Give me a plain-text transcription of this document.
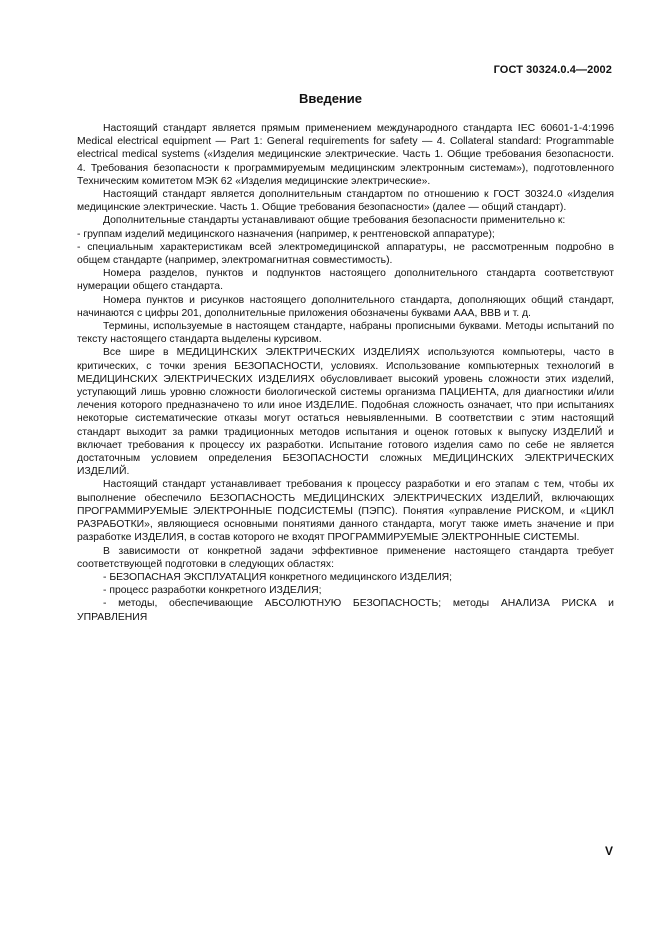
ГОСТ 30324.0.4—2002
Введение

Настоящий стандарт является прямым применением международного стандарта IEC 60601-1-4:1996 Medical electrical equipment — Part 1: General requirements for safety — 4. Collateral standard: Programmable electrical medical systems («Изделия медицинские электрические. Часть 1. Общие требования безопасности. 4. Требования безопасности к программируемым медицинским электронным системам»), подготовленного Техническим комитетом МЭК 62 «Изделия медицинские электрические».

Настоящий стандарт является дополнительным стандартом по отношению к ГОСТ 30324.0 «Изделия медицинские электрические. Часть 1. Общие требования безопасности» (далее — общий стандарт).

Дополнительные стандарты устанавливают общие требования безопасности применительно к:

- группам изделий медицинского назначения (например, к рентгеновской аппаратуре);

- специальным характеристикам всей электромедицинской аппаратуры, не рассмотренным подробно в общем стандарте (например, электромагнитная совместимость).

Номера разделов, пунктов и подпунктов настоящего дополнительного стандарта соответствуют нумерации общего стандарта.

Номера пунктов и рисунков настоящего дополнительного стандарта, дополняющих общий стандарт, начинаются с цифры 201, дополнительные приложения обозначены буквами ААА, ВВВ и т. д.

Термины, используемые в настоящем стандарте, набраны прописными буквами. Методы испытаний по тексту настоящего стандарта выделены курсивом.

Все шире в МЕДИЦИНСКИХ ЭЛЕКТРИЧЕСКИХ ИЗДЕЛИЯХ используются компьютеры, часто в критических, с точки зрения БЕЗОПАСНОСТИ, условиях. Использование компьютерных технологий в МЕДИЦИНСКИХ ЭЛЕКТРИЧЕСКИХ ИЗДЕЛИЯХ обусловливает высокий уровень сложности этих изделий, уступающий лишь уровню сложности биологической системы организма ПАЦИЕНТА, для диагностики и/или лечения которого предназначено то или иное ИЗДЕЛИЕ. Подобная сложность означает, что при испытаниях некоторые систематические отказы могут остаться невыявленными. В соответствии с этим настоящий стандарт выходит за рамки традиционных методов испытания и оценок готовых к выпуску ИЗДЕЛИЙ и включает требования к процессу их разработки. Испытание готового изделия само по себе не является достаточным условием определения БЕЗОПАСНОСТИ сложных МЕДИЦИНСКИХ ЭЛЕКТРИЧЕСКИХ ИЗДЕЛИЙ.

Настоящий стандарт устанавливает требования к процессу разработки и его этапам с тем, чтобы их выполнение обеспечило БЕЗОПАСНОСТЬ МЕДИЦИНСКИХ ЭЛЕКТРИЧЕСКИХ ИЗДЕЛИЙ, включающих ПРОГРАММИРУЕМЫЕ ЭЛЕКТРОННЫЕ ПОДСИСТЕМЫ (ПЭПС). Понятия «управление РИСКОМ, и «ЦИКЛ РАЗРАБОТКИ», являющиеся основными понятиями данного стандарта, могут также иметь значение и при разработке ИЗДЕЛИЯ, в состав которого не входят ПРОГРАММИРУЕМЫЕ ЭЛЕКТРОННЫЕ СИСТЕМЫ.

В зависимости от конкретной задачи эффективное применение настоящего стандарта требует соответствующей подготовки в следующих областях:

- БЕЗОПАСНАЯ ЭКСПЛУАТАЦИЯ конкретного медицинского ИЗДЕЛИЯ;

- процесс разработки конкретного ИЗДЕЛИЯ;

- методы, обеспечивающие АБСОЛЮТНУЮ БЕЗОПАСНОСТЬ; методы АНАЛИЗА РИСКА и УПРАВЛЕНИЯ

V
